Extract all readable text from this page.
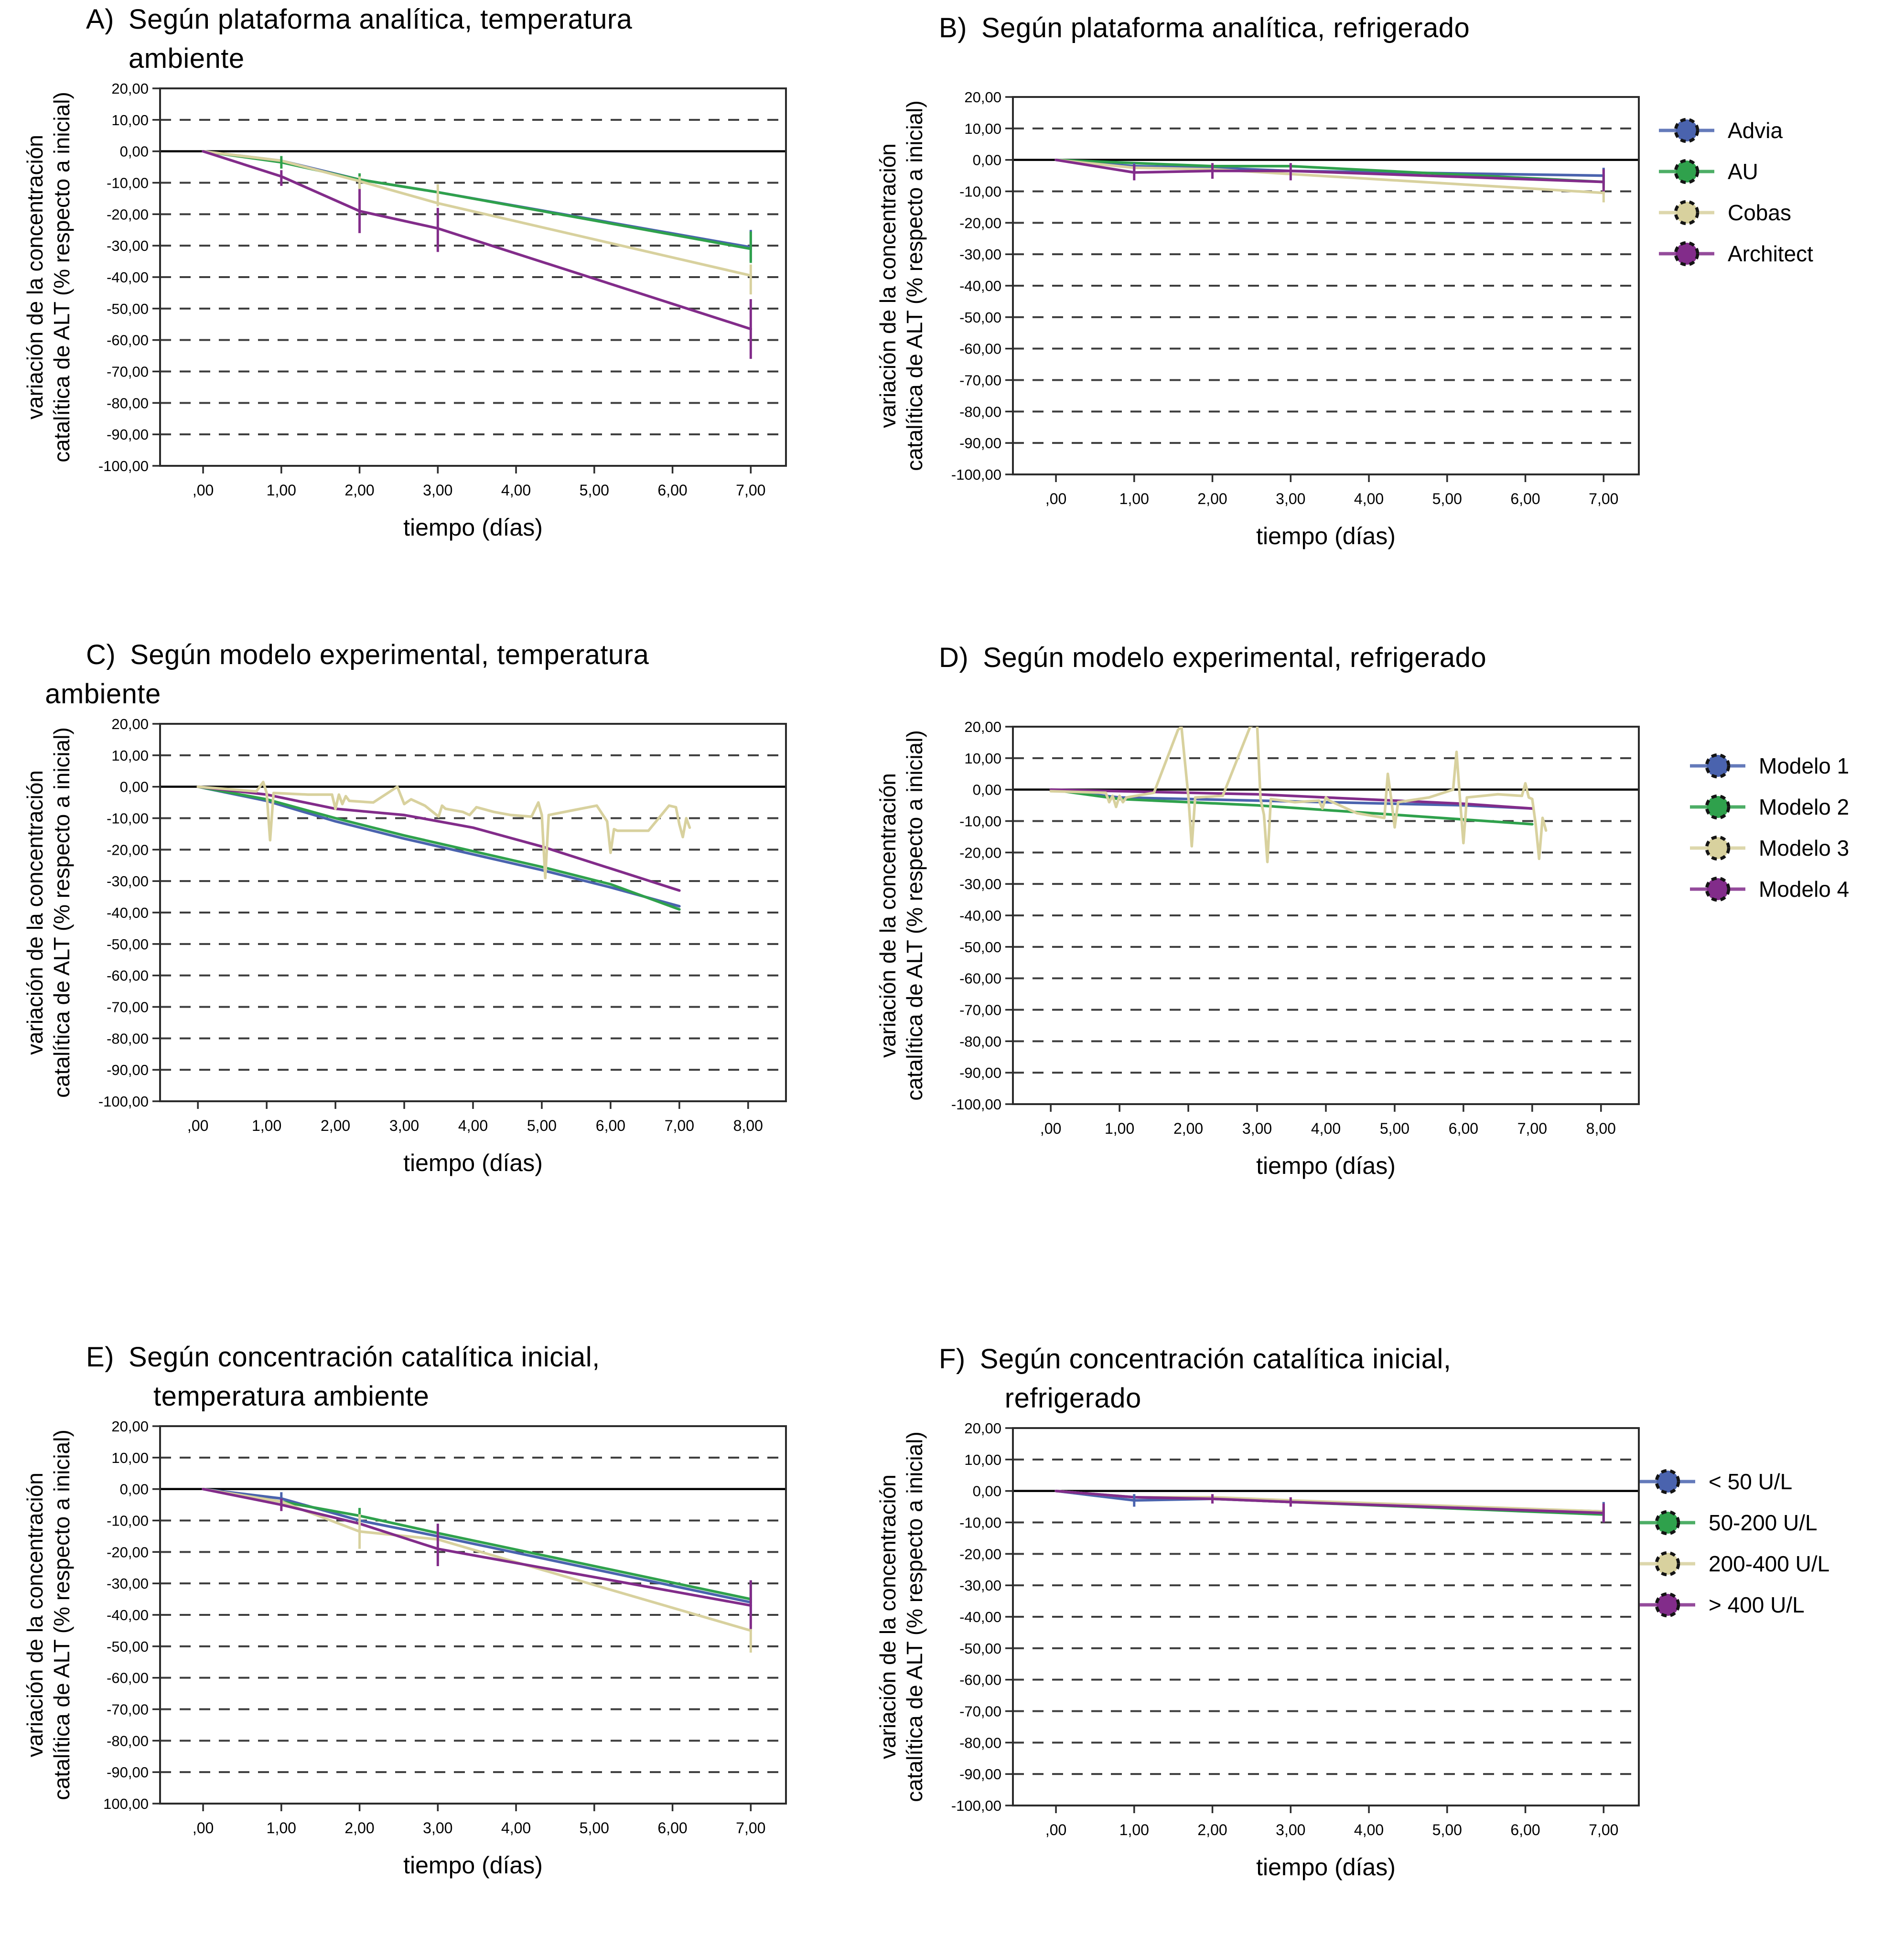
A) Según plataforma analítica, temperatura
ambiente
variación de la concentración catalítica de ALT (% respecto a inicial)
20,00
10,00
0,00
-10,00
-20,00
-30,00
-40,00
-50,00
-60,00
-70,00
-80,00
-90,00
-100,00
,00	1,00	2,00	3,00	4,00	5,00	6,00	7,00
tiempo (días)
B) Según plataforma analítica, refrigerado
variación de la concentración catalítica de ALT (% respecto a inicial)
20,00
10,00
0,00
-10,00
-20,00
-30,00
-40,00
-50,00
-60,00
-70,00
-80,00
-90,00
-100,00
,00	1,00	2,00	3,00	4,00	5,00	6,00	7,00
tiempo (días)
Advia
AU
Cobas
Architect
C) Según modelo experimental, temperatura
ambiente
variación de la concentración catalítica de ALT (% respecto a inicial)
20,00
10,00
0,00
-10,00
-20,00
-30,00
-40,00
-50,00
-60,00
-70,00
-80,00
-90,00
-100,00
,00	1,00	2,00	3,00	4,00	5,00	6,00	7,00	8,00
tiempo (días)
D) Según modelo experimental, refrigerado
variación de la concentración catalítica de ALT (% respecto a inicial)
20,00
10,00
0,00
-10,00
-20,00
-30,00
-40,00
-50,00
-60,00
-70,00
-80,00
-90,00
-100,00
,00	1,00	2,00	3,00	4,00	5,00	6,00	7,00	8,00
tiempo (días)
Modelo 1
Modelo 2
Modelo 3
Modelo 4
E) Según concentración catalítica inicial,
temperatura ambiente
variación de la concentración catalítica de ALT (% respecto a inicial)
20,00
10,00
0,00
-10,00
-20,00
-30,00
-40,00
-50,00
-60,00
-70,00
-80,00
-90,00
100,00
,00	1,00	2,00	3,00	4,00	5,00	6,00	7,00
tiempo (días)
F) Según concentración catalítica inicial,
refrigerado
variación de la concentración catalítica de ALT (% respecto a inicial)
20,00
10,00
0,00
-10,00
-20,00
-30,00
-40,00
-50,00
-60,00
-70,00
-80,00
-90,00
-100,00
,00	1,00	2,00	3,00	4,00	5,00	6,00	7,00
tiempo (días)
< 50 U/L
50-200 U/L
200-400 U/L
> 400 U/L
